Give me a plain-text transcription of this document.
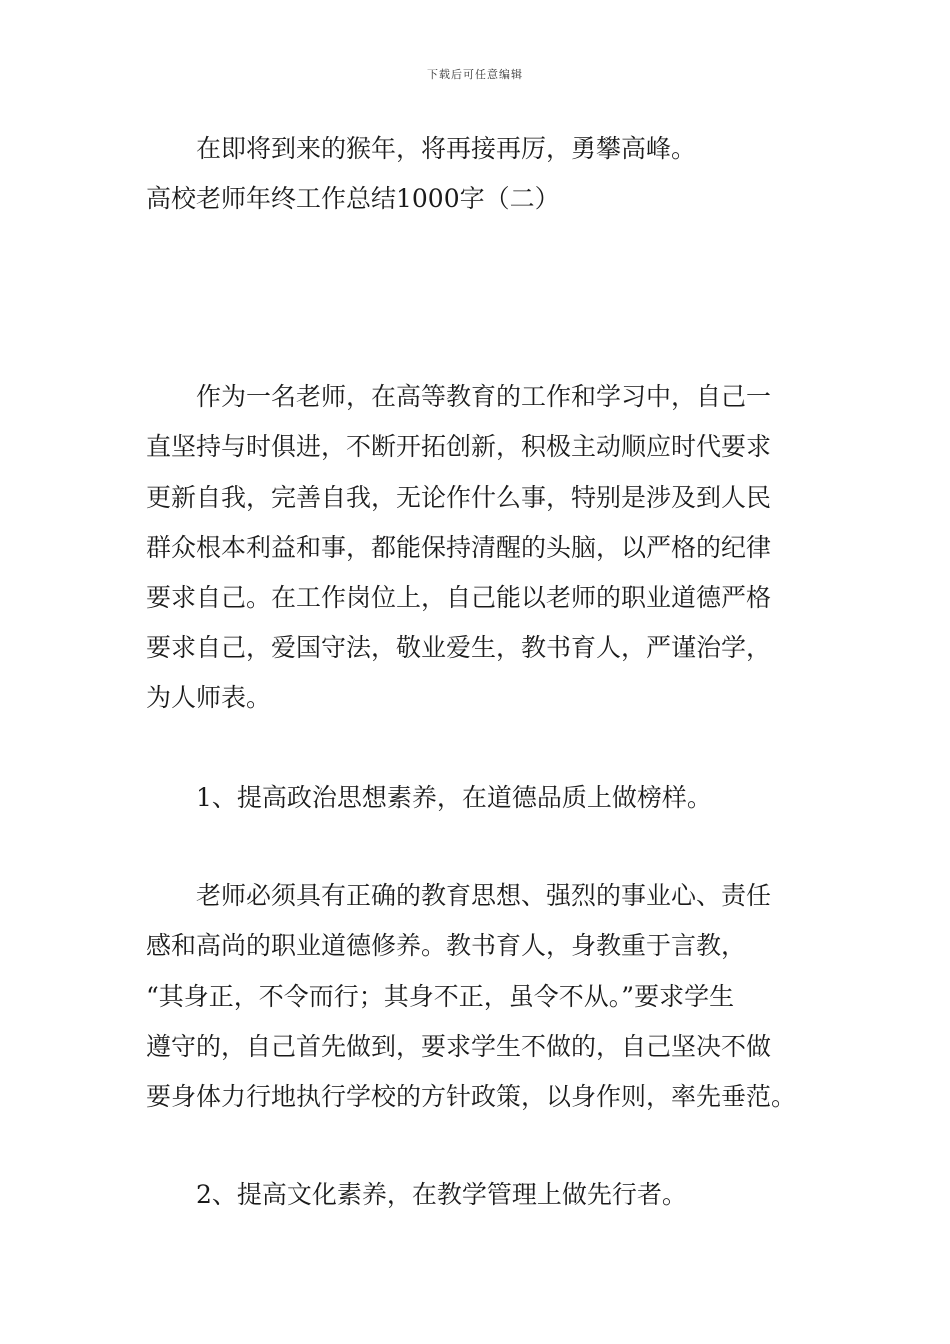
下载后可任意编辑
在即将到来的猴年，将再接再厉，勇攀高峰。
高校老师年终工作总结1000字（二）
作为一名老师，在高等教育的工作和学习中，自己一
直坚持与时俱进，不断开拓创新，积极主动顺应时代要求
更新自我，完善自我，无论作什么事，特别是涉及到人民
群众根本利益和事，都能保持清醒的头脑，以严格的纪律
要求自己。在工作岗位上，自己能以老师的职业道德严格
要求自己，爱国守法，敬业爱生，教书育人，严谨治学，
为人师表。
1、提高政治思想素养，在道德品质上做榜样。
老师必须具有正确的教育思想、强烈的事业心、责任
感和高尚的职业道德修养。教书育人，身教重于言教，
“其身正，不令而行；其身不正，虽令不从。”要求学生
遵守的，自己首先做到，要求学生不做的，自己坚决不做
要身体力行地执行学校的方针政策，以身作则，率先垂范。
2、提高文化素养，在教学管理上做先行者。
